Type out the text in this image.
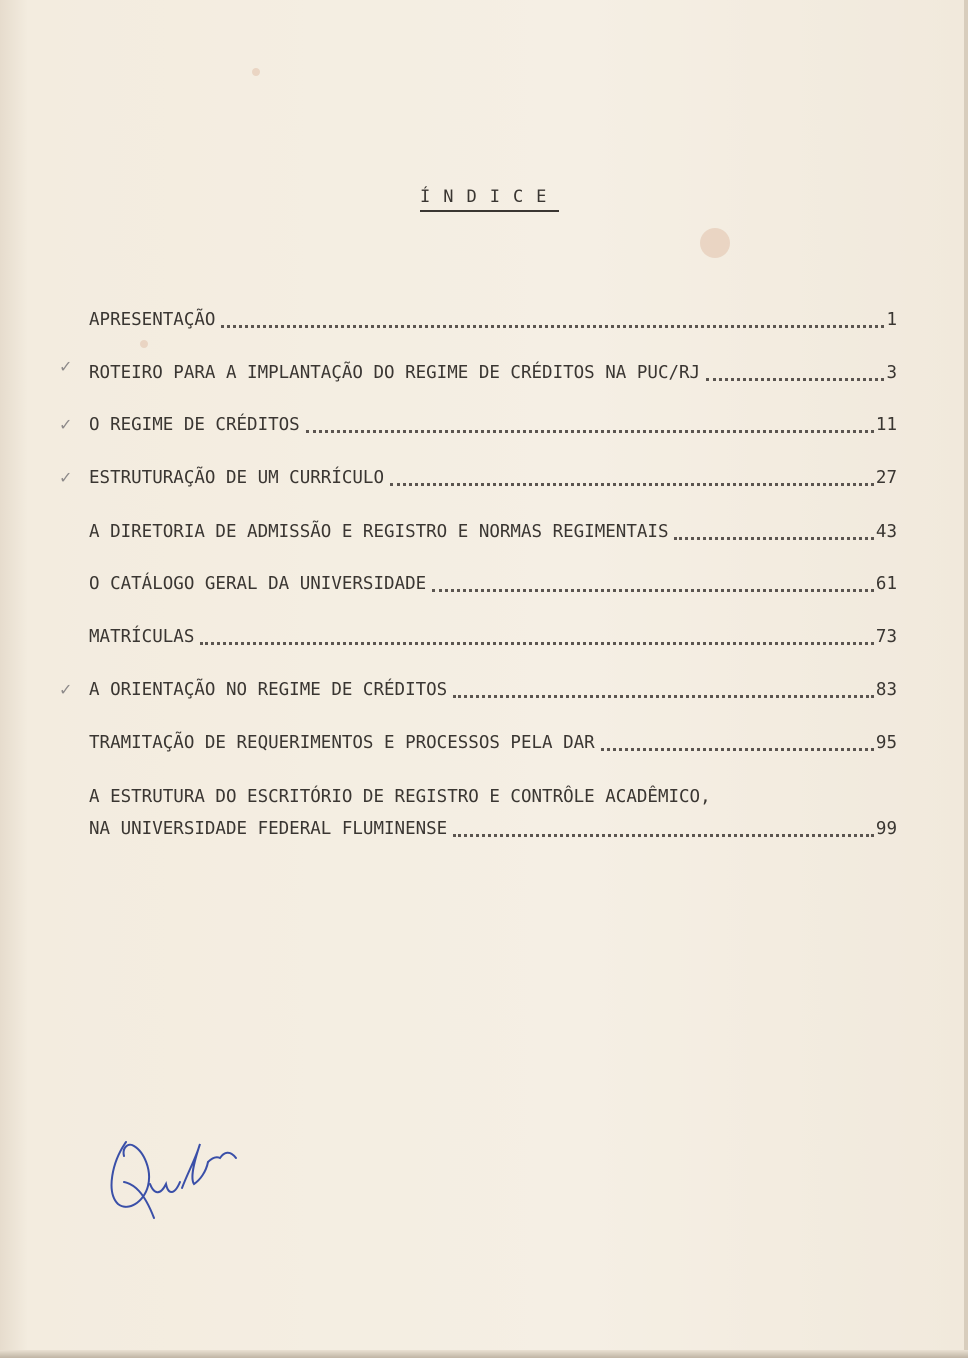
ÍNDICE
APRESENTAÇÃO	1
✓ ROTEIRO PARA A IMPLANTAÇÃO DO REGIME DE CRÉDITOS NA PUC/RJ	3
✓ O REGIME DE CRÉDITOS	11
✓ ESTRUTURAÇÃO DE UM CURRÍCULO	27
A DIRETORIA DE ADMISSÃO E REGISTRO E NORMAS REGIMENTAIS	43
O CATÁLOGO GERAL DA UNIVERSIDADE	61
MATRÍCULAS	73
✓ A ORIENTAÇÃO NO REGIME DE CRÉDITOS	83
TRAMITAÇÃO DE REQUERIMENTOS E PROCESSOS PELA DAR	95
A ESTRUTURA DO ESCRITÓRIO DE REGISTRO E CONTRÔLE ACADÊMICO,
NA UNIVERSIDADE FEDERAL FLUMINENSE	99
